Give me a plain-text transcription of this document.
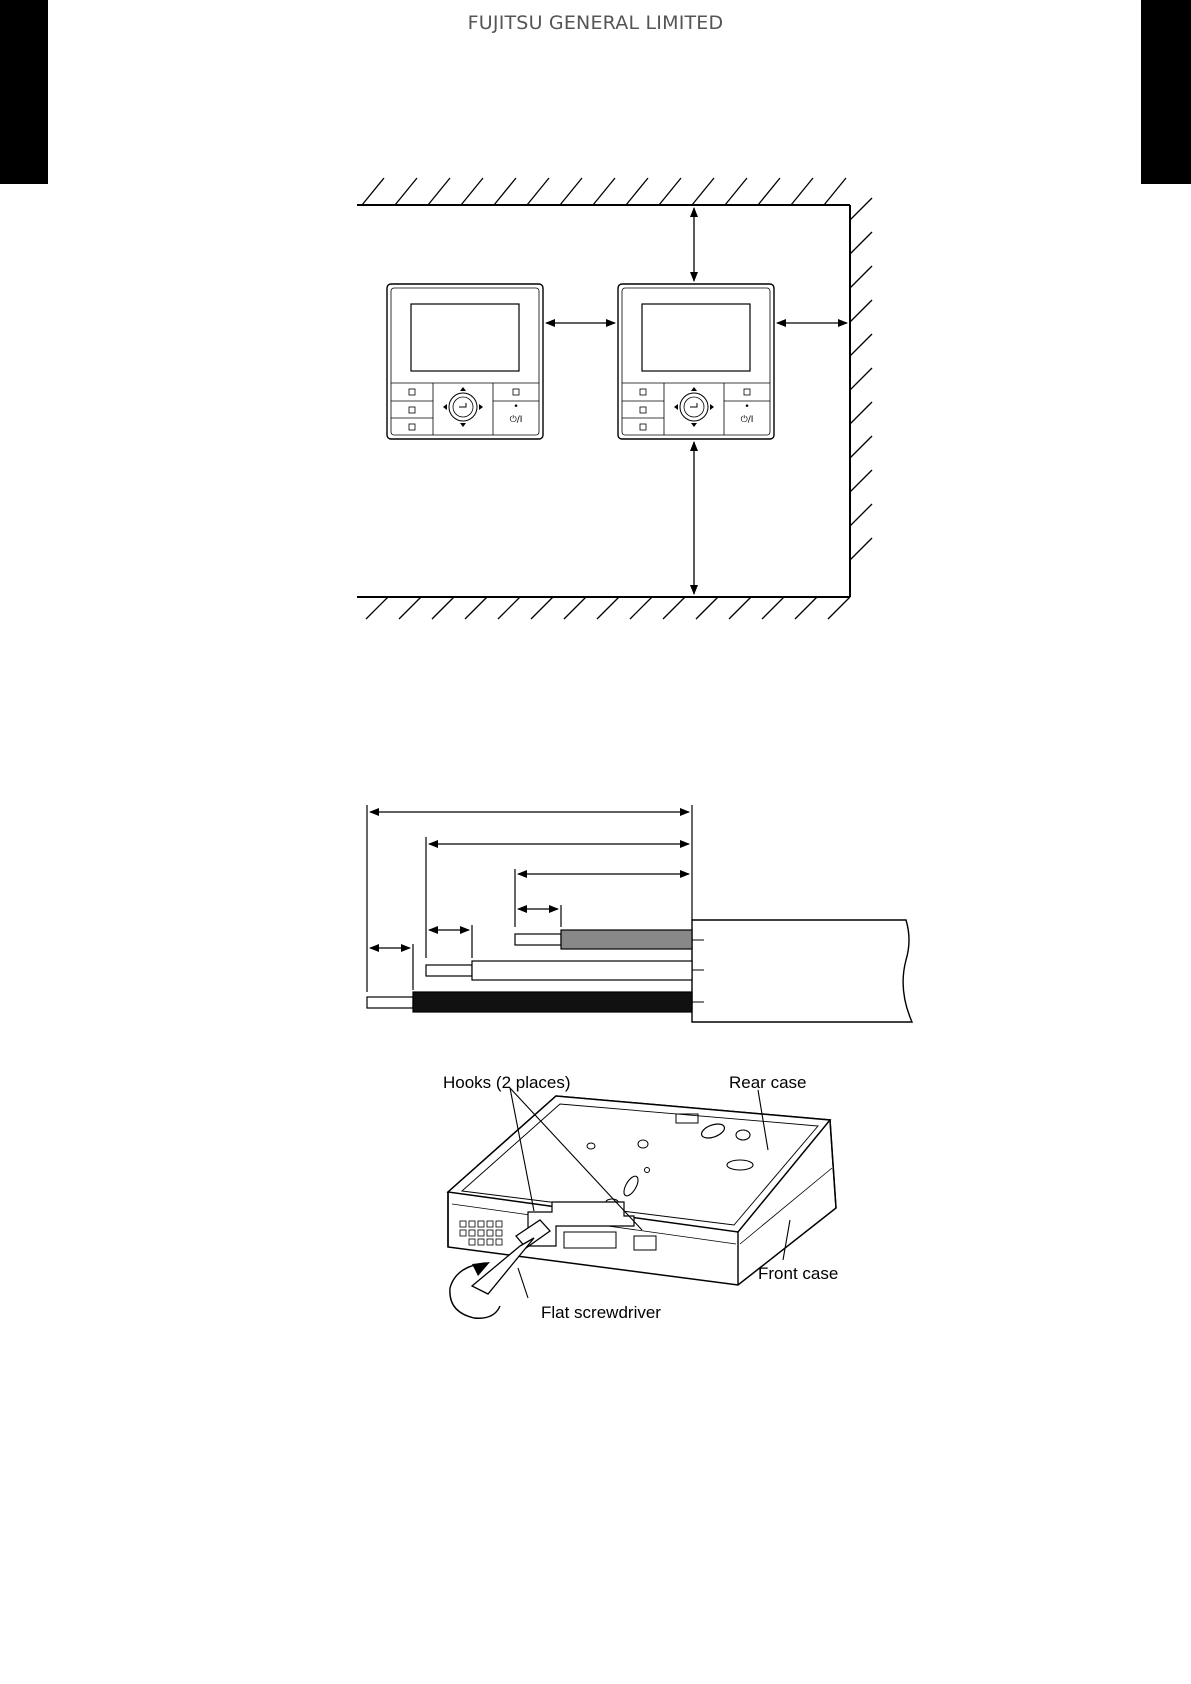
FUJITSU GENERAL LIMITED
•
⏻/I
•
⏻/I
Hooks (2 places)	Rear case
Front case
Flat screwdriver
